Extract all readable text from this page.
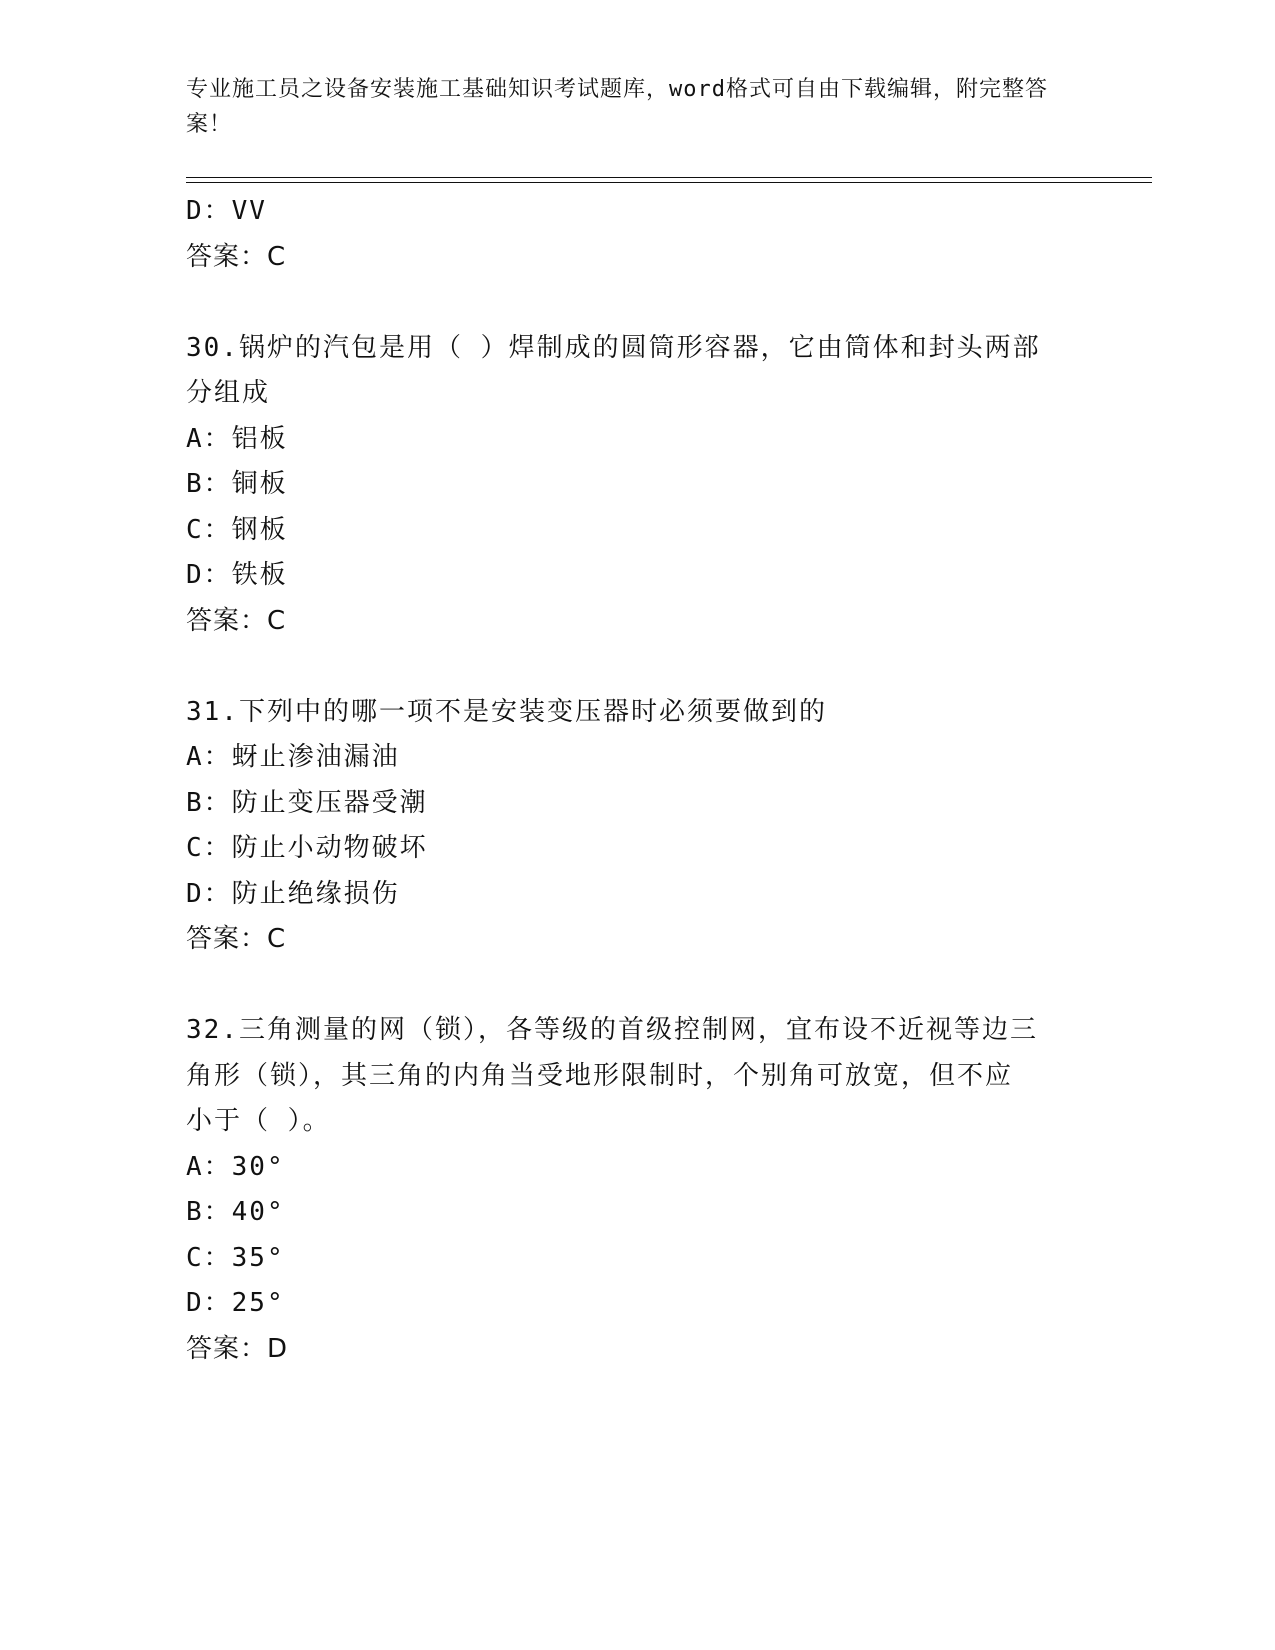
专业施工员之设备安装施工基础知识考试题库，word格式可自由下载编辑，附完整答案！
D：VV
答案：C
30.锅炉的汽包是用（ ）焊制成的圆筒形容器，它由筒体和封头两部
分组成
A：铝板
B：铜板
C：钢板
D：铁板
答案：C
31.下列中的哪一项不是安装变压器时必须要做到的
A：蚜止渗油漏油
B：防止变压器受潮
C：防止小动物破坏
D：防止绝缘损伤
答案：C
32.三角测量的网（锁），各等级的首级控制网，宜布设不近视等边三
角形（锁），其三角的内角当受地形限制时，个别角可放宽，但不应
小于（ ）。
A：30°
B：40°
C：35°
D：25°
答案：D
